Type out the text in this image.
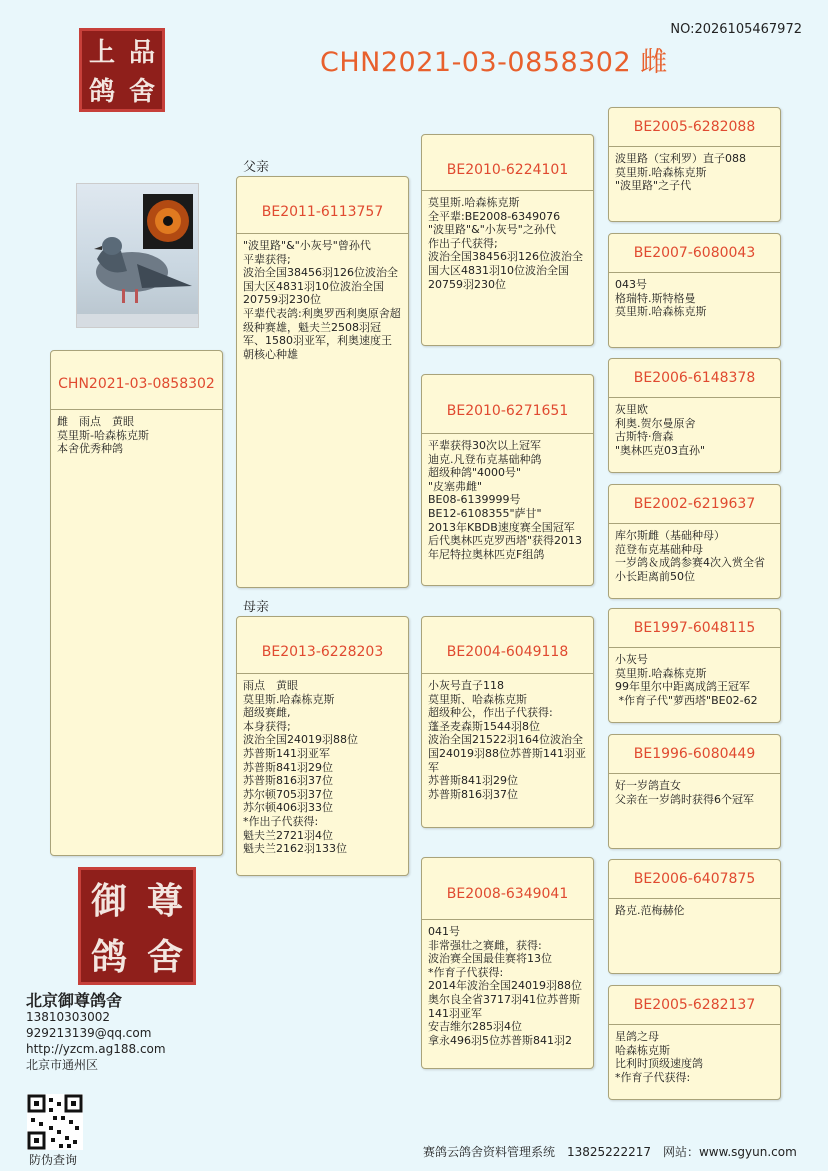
NO:2026105467972
CHN2021-03-0858302 雌
上 品
鸽 舍
父亲
母亲
CHN2021-03-0858302
雌　雨点　黄眼
莫里斯-哈森栋克斯
本舍优秀种鸽
BE2011-6113757
"波里路"&"小灰号"曾孙代
平辈获得;
波治全国38456羽126位波治全国大区4831羽10位波治全国20759羽230位
平辈代表鸽:利奥罗西利奥原舍超级种赛雄，魁夫兰2508羽冠军、1580羽亚军，利奥速度王朝核心种雄
BE2013-6228203
雨点　黄眼
莫里斯.哈森栋克斯
超级赛雌,
本身获得;
波治全国24019羽88位
苏普斯141羽亚军
苏普斯841羽29位
苏普斯816羽37位
苏尔顿705羽37位
苏尔顿406羽33位
*作出子代获得:
魁夫兰2721羽4位
魁夫兰2162羽133位
BE2010-6224101
莫里斯.哈森栋克斯
全平辈:BE2008-6349076
"波里路"&"小灰号"之孙代
作出子代获得;
波治全国38456羽126位波治全国大区4831羽10位波治全国20759羽230位
BE2010-6271651
平辈获得30次以上冠军
迪克.凡登布克基础种鸽
超级种鸽"4000号"
"皮塞弗雌"
BE08-6139999号
BE12-6108355"萨甘"
2013年KBDB速度赛全国冠军 后代奥林匹克罗西塔"获得2013年尼特拉奥林匹克F组鸽
BE2004-6049118
小灰号直子118
莫里斯、哈森栋克斯
超级种公，作出子代获得:
蓬圣麦森斯1544羽8位
波治全国21522羽164位波治全国24019羽88位苏普斯141羽亚军
苏普斯841羽29位
苏普斯816羽37位
BE2008-6349041
041号
非常强壮之赛雌，获得:
波治赛全国最佳赛将13位
*作育子代获得:
2014年波治全国24019羽88位奥尔良全省3717羽41位苏普斯141羽亚军
安吉维尔285羽4位
拿永496羽5位苏普斯841羽2
BE2005-6282088
波里路（宝利罗）直子088
莫里斯.哈森栋克斯
"波里路"之子代
BE2007-6080043
043号
格瑞特.斯特格曼
莫里斯.哈森栋克斯
BE2006-6148378
灰里欧
利奥.贺尔曼原舍
古斯特·詹森
"奥林匹克03直孙"
BE2002-6219637
库尔斯雌（基础种母）
范登布克基础种母
一岁鸽＆成鸽参赛4次入赏全省小长距离前50位
BE1997-6048115
小灰号
莫里斯.哈森栋克斯
99年里尔中距离成鸽王冠军
*作育子代"萝西塔"BE02-62
BE1996-6080449
好一岁鸽直女
父亲在一岁鸽时获得6个冠军
BE2006-6407875
路克.范梅赫伦
BE2005-6282137
星鸽之母
哈森栋克斯
比利时顶级速度鸽
*作育子代获得:
御 尊
鸽 舍
北京御尊鸽舍
13810303002
929213139@qq.com
http://yzcm.ag188.com
北京市通州区
防伪查询
赛鸽云鸽舍资料管理系统　13825222217　网站：www.sgyun.com
